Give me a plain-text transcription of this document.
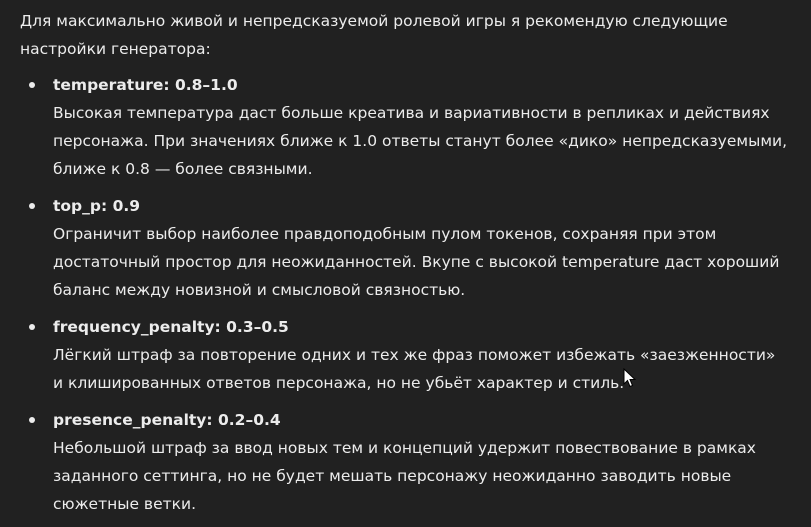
Для максимально живой и непредсказуемой ролевой игры я рекомендую следующие настройки генератора:

temperature: 0.8–1.0
Высокая температура даст больше креатива и вариативности в репликах и действиях персонажа. При значениях ближе к 1.0 ответы станут более «дико» непредсказуемыми, ближе к 0.8 — более связными.
top_p: 0.9
Ограничит выбор наиболее правдоподобным пулом токенов, сохраняя при этом достаточный простор для неожиданностей. Вкупе с высокой temperature даст хороший баланс между новизной и смысловой связностью.
frequency_penalty: 0.3–0.5
Лёгкий штраф за повторение одних и тех же фраз поможет избежать «заезженности» и клишированных ответов персонажа, но не убьёт характер и стиль.
presence_penalty: 0.2–0.4
Небольшой штраф за ввод новых тем и концепций удержит повествование в рамках заданного сеттинга, но не будет мешать персонажу неожиданно заводить новые сюжетные ветки.
